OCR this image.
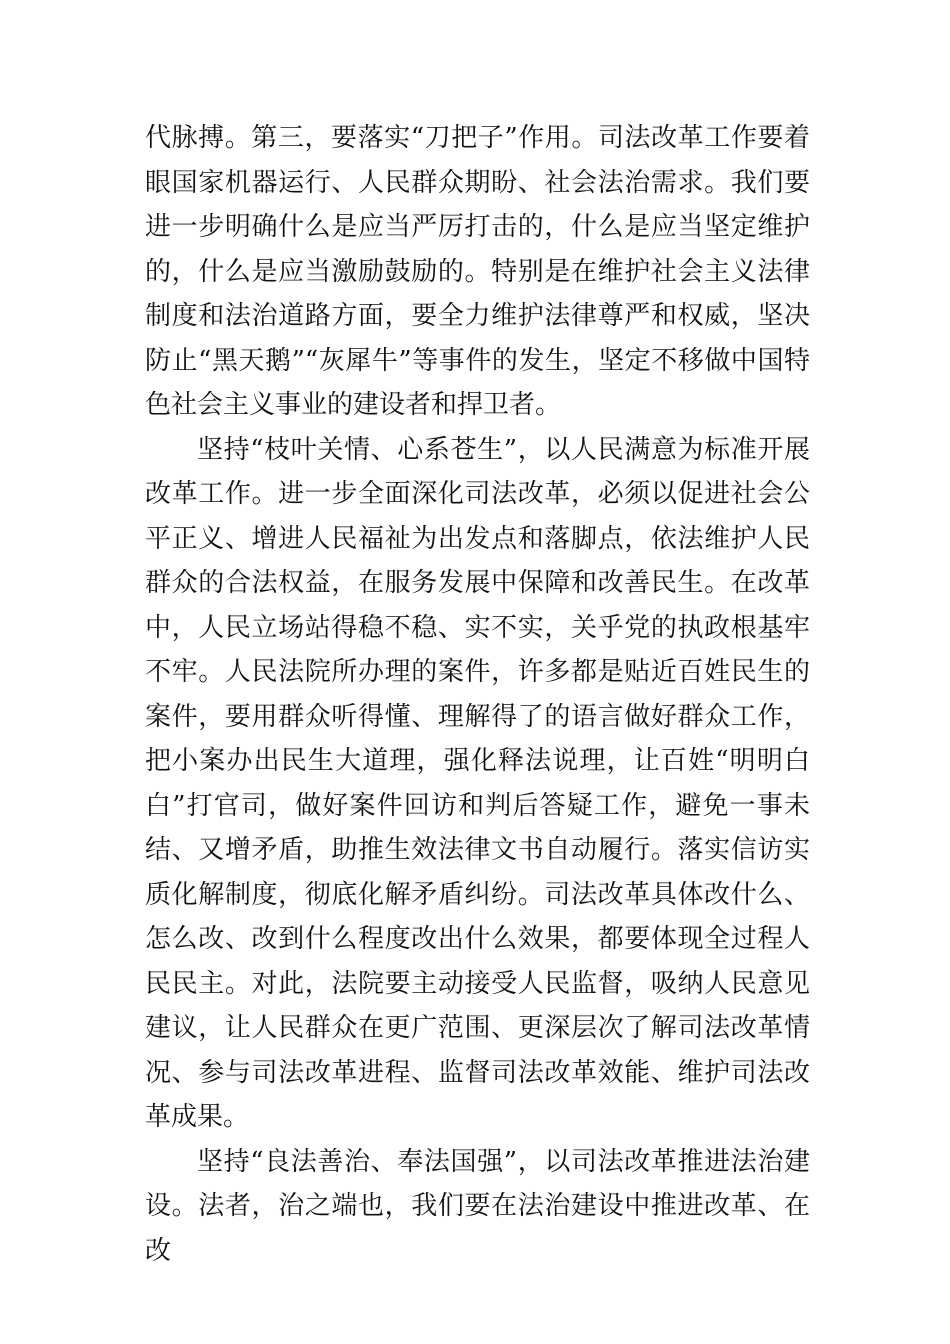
代脉搏。第三，要落实“刀把子”作用。司法改革工作要着眼国家机器运行、人民群众期盼、社会法治需求。我们要进一步明确什么是应当严厉打击的，什么是应当坚定维护的，什么是应当激励鼓励的。特别是在维护社会主义法律制度和法治道路方面，要全力维护法律尊严和权威，坚决防止“黑天鹅”“灰犀牛”等事件的发生，坚定不移做中国特色社会主义事业的建设者和捍卫者。

坚持“枝叶关情、心系苍生”，以人民满意为标准开展改革工作。进一步全面深化司法改革，必须以促进社会公平正义、增进人民福祉为出发点和落脚点，依法维护人民群众的合法权益，在服务发展中保障和改善民生。在改革中，人民立场站得稳不稳、实不实，关乎党的执政根基牢不牢。人民法院所办理的案件，许多都是贴近百姓民生的案件，要用群众听得懂、理解得了的语言做好群众工作，把小案办出民生大道理，强化释法说理，让百姓“明明白白”打官司，做好案件回访和判后答疑工作，避免一事未结、又增矛盾，助推生效法律文书自动履行。落实信访实质化解制度，彻底化解矛盾纠纷。司法改革具体改什么、怎么改、改到什么程度改出什么效果，都要体现全过程人民民主。对此，法院要主动接受人民监督，吸纳人民意见建议，让人民群众在更广范围、更深层次了解司法改革情况、参与司法改革进程、监督司法改革效能、维护司法改革成果。

坚持“良法善治、奉法国强”，以司法改革推进法治建设。法者，治之端也，我们要在法治建设中推进改革、在改
